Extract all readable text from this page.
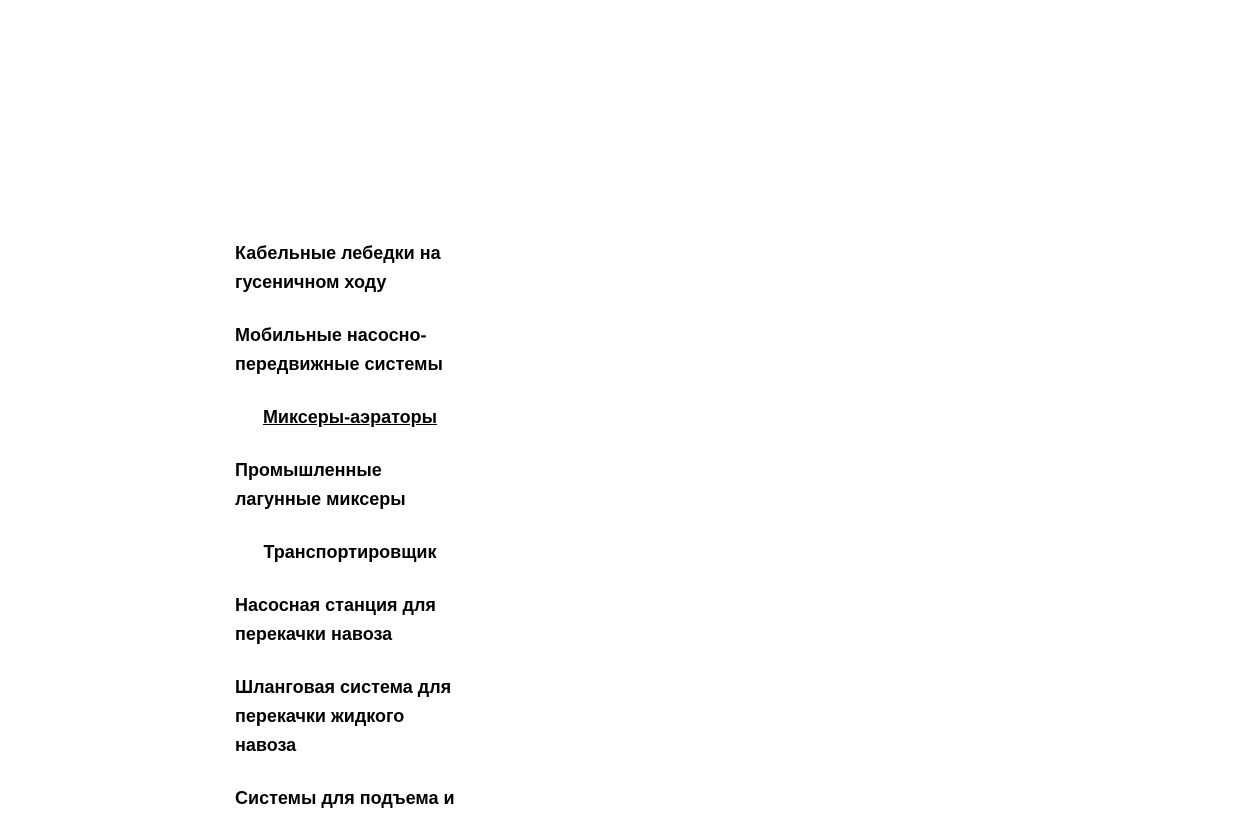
Кабельные лебедки на гусеничном ходу
Мобильные насосно-передвижные системы
Миксеры-аэраторы
Промышленные лагунные миксеры
Транспортировщик
Насосная станция для перекачки навоза
Шланговая система для перекачки жидкого навоза
Системы для подъема и
